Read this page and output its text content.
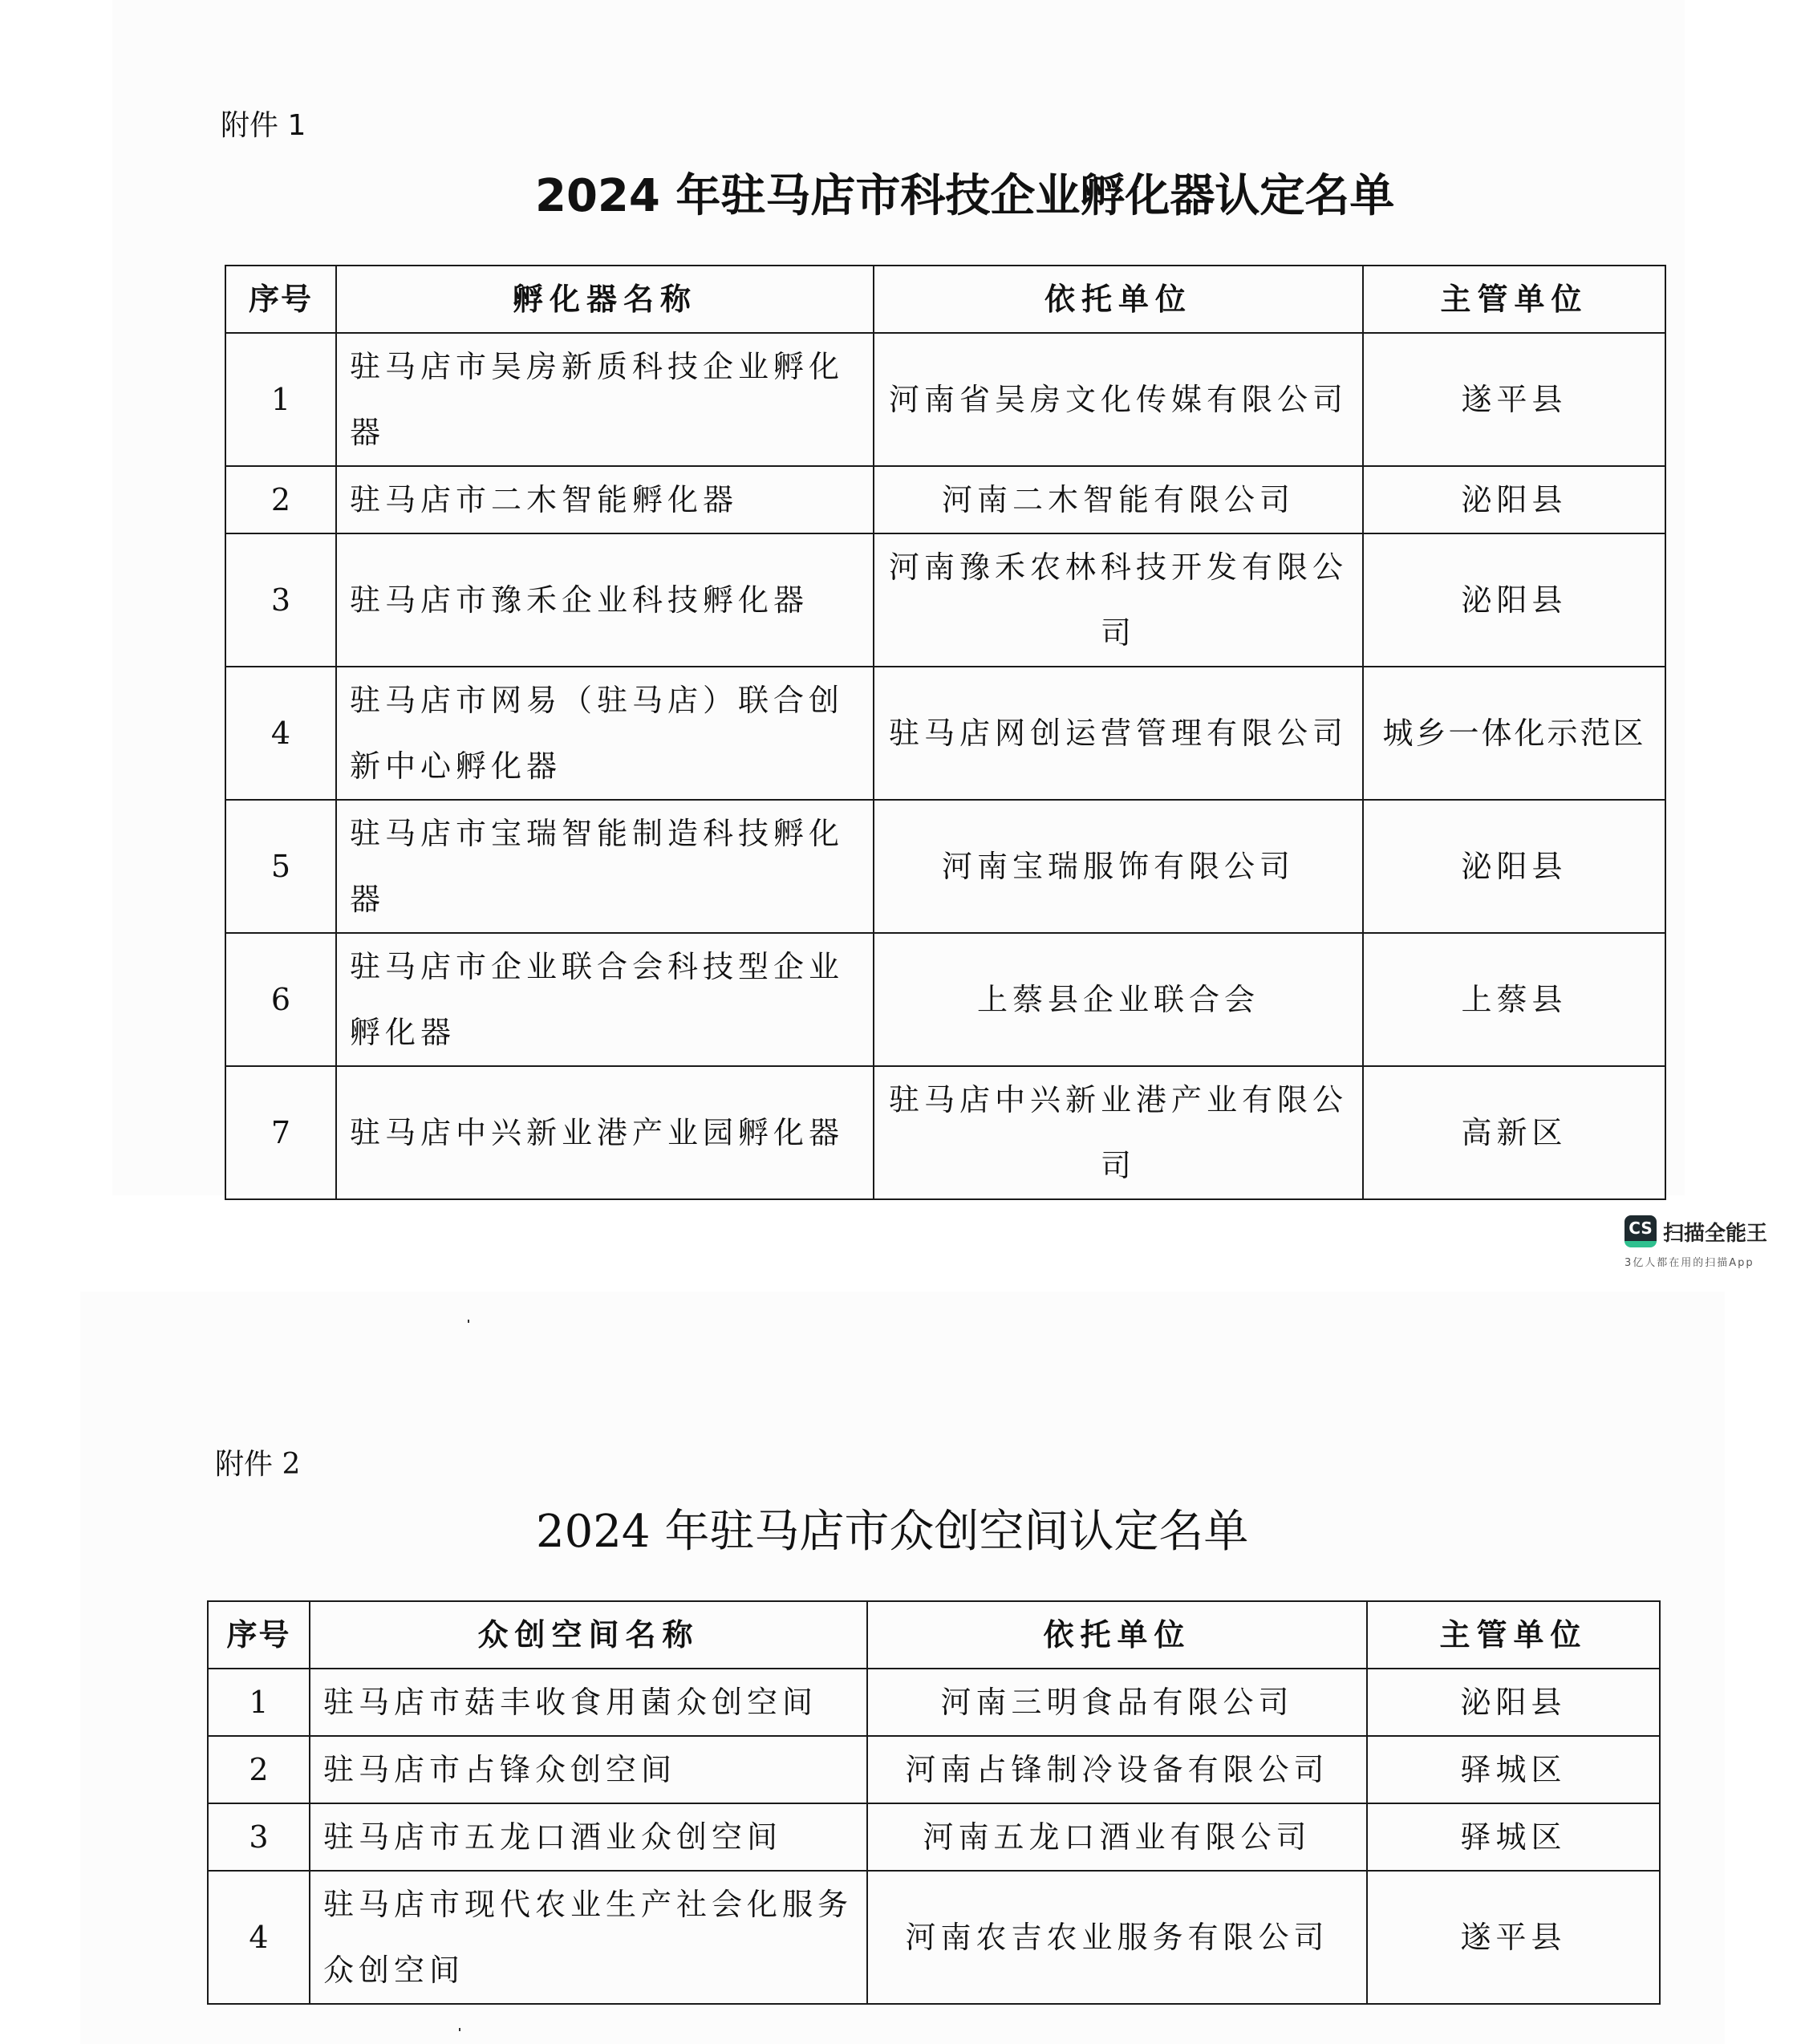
附件 1
2024 年驻马店市科技企业孵化器认定名单
序号	孵化器名称	依托单位	主管单位
1	驻马店市吴房新质科技企业孵化器	河南省吴房文化传媒有限公司	遂平县
2	驻马店市二木智能孵化器	河南二木智能有限公司	泌阳县
3	驻马店市豫禾企业科技孵化器	河南豫禾农林科技开发有限公司	泌阳县
4	驻马店市网易（驻马店）联合创新中心孵化器	驻马店网创运营管理有限公司	城乡一体化示范区
5	驻马店市宝瑞智能制造科技孵化器	河南宝瑞服饰有限公司	泌阳县
6	驻马店市企业联合会科技型企业孵化器	上蔡县企业联合会	上蔡县
7	驻马店中兴新业港产业园孵化器	驻马店中兴新业港产业有限公司	高新区
CS 扫描全能王
3亿人都在用的扫描App
附件 2
2024 年驻马店市众创空间认定名单
序号	众创空间名称	依托单位	主管单位
1	驻马店市菇丰收食用菌众创空间	河南三明食品有限公司	泌阳县
2	驻马店市占锋众创空间	河南占锋制冷设备有限公司	驿城区
3	驻马店市五龙口酒业众创空间	河南五龙口酒业有限公司	驿城区
4	驻马店市现代农业生产社会化服务众创空间	河南农吉农业服务有限公司	遂平县
